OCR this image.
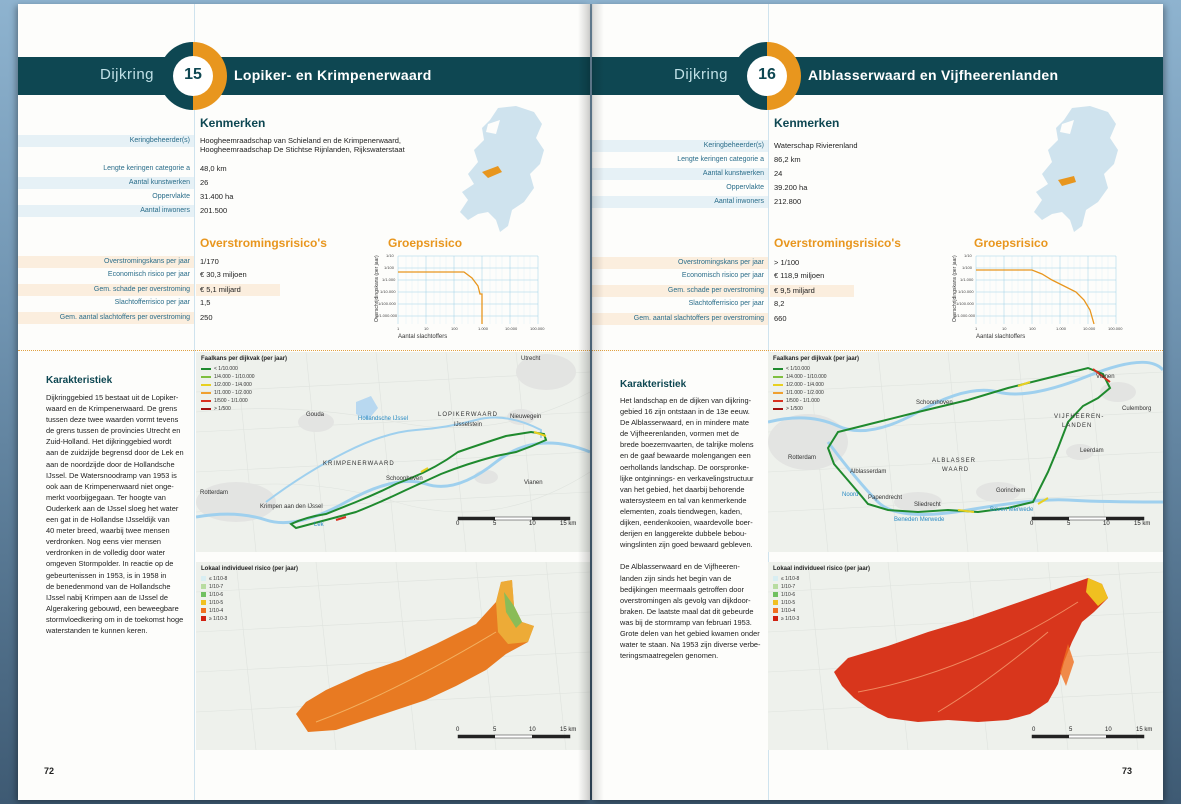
Dijkring	15	Lopiker- en Krimpenerwaard
Kenmerken
Keringbeheerder(s) Hoogheemraadschap van Schieland en de Krimpenerwaard,
Hoogheemraadschap De Stichtse Rijnlanden, Rijkswaterstaat
Lengte keringen categorie a 48,0 km
Aantal kunstwerken 26
Oppervlakte 31.400 ha
Aantal inwoners 201.500
Overstromingsrisico's	Groepsrisico
Overstromingskans per jaar 1/170
Economisch risico per jaar € 30,3 miljoen
Gem. schade per overstroming € 5,1 miljard
Slachtofferrisico per jaar 1,5
Gem. aantal slachtoffers per overstroming 250	Overschrijdingskans (per jaar)
Aantal slachtoffers
1/10
1/100
1/1.000
1/10.000
1/100.000
1/1.000.000
1	10	100	1.000	10.000	100.000
Karakteristiek
Dijkringgebied 15 bestaat uit de Lopiker-
waard en de Krimpenerwaard. De grens
tussen deze twee waarden vormt tevens
de grens tussen de provincies Utrecht en
Zuid-Holland. Het dijkringgebied wordt
aan de zuidzijde begrensd door de Lek en
aan de noordzijde door de Hollandsche
IJssel. De Watersnoodramp van 1953 is
ook aan de Krimpenerwaard niet onge-
merkt voorbijgegaan. Ter hoogte van
Ouderkerk aan de IJssel sloeg het water
een gat in de Hollandse IJsseldijk van
40 meter breed, waarbij twee mensen
verdronken. Nog eens vier mensen
verdronken in de volledig door water
omgeven Stormpolder. In reactie op de
gebeurtenissen in 1953, is in 1958 in
de benedenmond van de Hollandsche
IJssel nabij Krimpen aan de IJssel de
Algerakering gebouwd, een beweegbare
stormvloedkering om in de toekomst hoge
waterstanden te kunnen keren.
Faalkans per dijkvak (per jaar)
< 1/10.000
1/4.000 - 1/10.000
1/2.000 - 1/4.000
1/1.000 - 1/2.000
1/500 - 1/1.000
> 1/500
Utrecht
Gouda	Nieuwegein
LOPIKERWAARD
IJsselstein
KRIMPENERWAARD
Schoonhoven
Vianen
Rotterdam
Krimpen aan den IJssel
Hollandsche IJssel
Lek	0	5	10	15 km
Lokaal individueel risico (per jaar)
≤ 1/10-8
1/10-7
1/10-6
1/10-5
1/10-4
≥ 1/10-3
0	5	10	15 km
72
Dijkring	16	Alblasserwaard en Vijfheerenlanden
Kenmerken
Keringbeheerder(s) Waterschap Rivierenland
Lengte keringen categorie a 86,2 km
Aantal kunstwerken 24
Oppervlakte 39.200 ha
Aantal inwoners 212.800
Overstromingsrisico's	Groepsrisico
Overstromingskans per jaar > 1/100
Economisch risico per jaar € 118,9 miljoen
Gem. schade per overstroming € 9,5 miljard
Slachtofferrisico per jaar 8,2
Gem. aantal slachtoffers per overstroming 660	Overschrijdingskans (per jaar)
Aantal slachtoffers
1/10
1/100
1/1.000
1/10.000
1/100.000
1/1.000.000
1	10	100	1.000	10.000	100.000
Karakteristiek
Het landschap en de dijken van dijkring-
gebied 16 zijn ontstaan in de 13e eeuw.
De Alblasserwaard, en in mindere mate
de Vijfheerenlanden, vormen met de
brede boezemvaarten, de talrijke molens
en de gaaf bewaarde molengangen een
oerhollands landschap. De oorspronke-
lijke ontginnings- en verkavelingstructuur
van het gebied, het daarbij behorende
watersysteem en tal van kenmerkende
elementen, zoals tiendwegen, kaden,
dijken, eendenkooien, waardevolle boer-
derijen en langgerekte dubbele bebou-
wingslinten zijn goed bewaard gebleven.

De Alblasserwaard en de Vijfheeren-
landen zijn sinds het begin van de
bedijkingen meermaals getroffen door
overstromingen als gevolg van dijkdoor-
braken. De laatste maal dat dit gebeurde
was bij de stormramp van februari 1953.
Grote delen van het gebied kwamen onder
water te staan. Na 1953 zijn diverse verbe-
teringsmaatregelen genomen.
Faalkans per dijkvak (per jaar)
< 1/10.000
1/4.000 - 1/10.000
1/2.000 - 1/4.000
1/1.000 - 1/2.000
1/500 - 1/1.000
> 1/500
Vianen
Schoonhoven
Culemborg
VIJFHEEREN-
LANDEN
Leerdam
Rotterdam
Alblasserdam
ALBLASSER
WAARD
Papendrecht
Sliedrecht
Gorinchem
Noord
Beneden Merwede
Boven Merwede
0	5	10	15 km
Lokaal individueel risico (per jaar)
≤ 1/10-8
1/10-7
1/10-6
1/10-5
1/10-4
≥ 1/10-3
0	5	10	15 km
73
